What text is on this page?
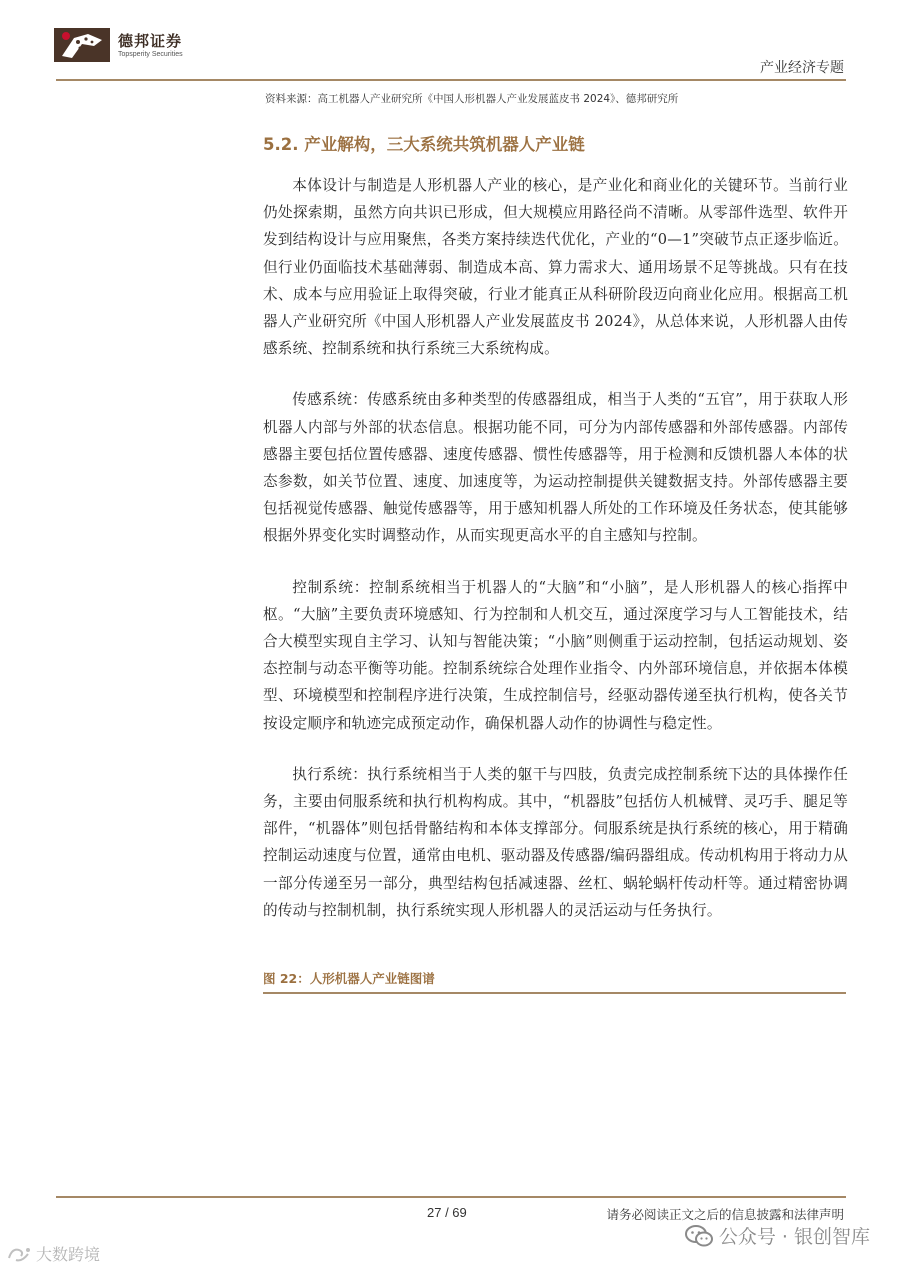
德邦证券
Topsperity Securities
产业经济专题
资料来源：高工机器人产业研究所《中国人形机器人产业发展蓝皮书 2024》、德邦研究所
5.2. 产业解构，三大系统共筑机器人产业链

本体设计与制造是人形机器人产业的核心，是产业化和商业化的关键环节。当前行业仍处探索期，虽然方向共识已形成，但大规模应用路径尚不清晰。从零部件选型、软件开发到结构设计与应用聚焦，各类方案持续迭代优化，产业的“0—1”突破节点正逐步临近。但行业仍面临技术基础薄弱、制造成本高、算力需求大、通用场景不足等挑战。只有在技术、成本与应用验证上取得突破，行业才能真正从科研阶段迈向商业化应用。根据高工机器人产业研究所《中国人形机器人产业发展蓝皮书 2024》，从总体来说，人形机器人由传感系统、控制系统和执行系统三大系统构成。

传感系统：传感系统由多种类型的传感器组成，相当于人类的“五官”，用于获取人形机器人内部与外部的状态信息。根据功能不同，可分为内部传感器和外部传感器。内部传感器主要包括位置传感器、速度传感器、惯性传感器等，用于检测和反馈机器人本体的状态参数，如关节位置、速度、加速度等，为运动控制提供关键数据支持。外部传感器主要包括视觉传感器、触觉传感器等，用于感知机器人所处的工作环境及任务状态，使其能够根据外界变化实时调整动作，从而实现更高水平的自主感知与控制。

控制系统：控制系统相当于机器人的“大脑”和“小脑”，是人形机器人的核心指挥中枢。“大脑”主要负责环境感知、行为控制和人机交互，通过深度学习与人工智能技术，结合大模型实现自主学习、认知与智能决策；“小脑”则侧重于运动控制，包括运动规划、姿态控制与动态平衡等功能。控制系统综合处理作业指令、内外部环境信息，并依据本体模型、环境模型和控制程序进行决策，生成控制信号，经驱动器传递至执行机构，使各关节按设定顺序和轨迹完成预定动作，确保机器人动作的协调性与稳定性。

执行系统：执行系统相当于人类的躯干与四肢，负责完成控制系统下达的具体操作任务，主要由伺服系统和执行机构构成。其中，“机器肢”包括仿人机械臂、灵巧手、腿足等部件，“机器体”则包括骨骼结构和本体支撑部分。伺服系统是执行系统的核心，用于精确控制运动速度与位置，通常由电机、驱动器及传感器/编码器组成。传动机构用于将动力从一部分传递至另一部分，典型结构包括减速器、丝杠、蜗轮蜗杆传动杆等。通过精密协调的传动与控制机制，执行系统实现人形机器人的灵活运动与任务执行。

图 22：人形机器人产业链图谱
27 / 69	请务必阅读正文之后的信息披露和法律声明
公众号 · 银创智库
大数跨境
